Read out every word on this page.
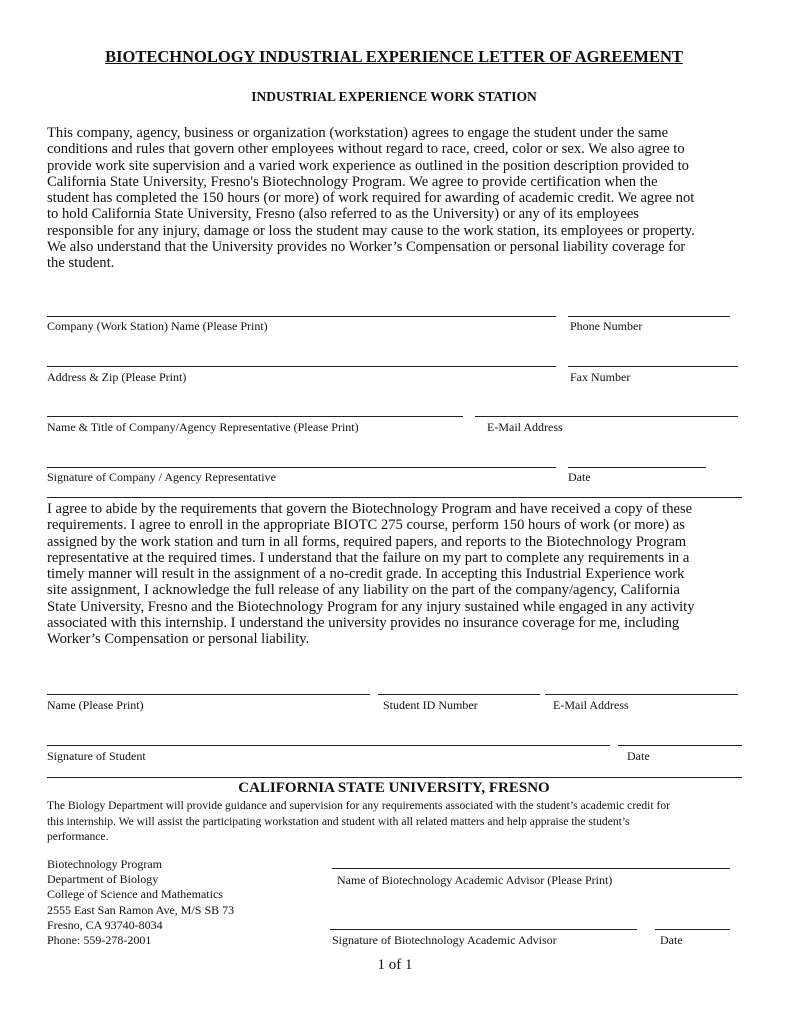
BIOTECHNOLOGY INDUSTRIAL EXPERIENCE LETTER OF AGREEMENT
INDUSTRIAL EXPERIENCE WORK STATION
This company, agency, business or organization (workstation) agrees to engage the student under the same
conditions and rules that govern other employees without regard to race, creed, color or sex. We also agree to
provide work site supervision and a varied work experience as outlined in the position description provided to
California State University, Fresno's Biotechnology Program. We agree to provide certification when the
student has completed the 150 hours (or more) of work required for awarding of academic credit. We agree not
to hold California State University, Fresno (also referred to as the University) or any of its employees
responsible for any injury, damage or loss the student may cause to the work station, its employees or property.
We also understand that the University provides no Worker’s Compensation or personal liability coverage for
the student.
Company (Work Station) Name (Please Print)	Phone Number
Address & Zip (Please Print)	Fax Number
Name & Title of Company/Agency Representative (Please Print)	E-Mail Address
Signature of Company / Agency Representative	Date
I agree to abide by the requirements that govern the Biotechnology Program and have received a copy of these
requirements. I agree to enroll in the appropriate BIOTC 275 course, perform 150 hours of work (or more) as
assigned by the work station and turn in all forms, required papers, and reports to the Biotechnology Program
representative at the required times. I understand that the failure on my part to complete any requirements in a
timely manner will result in the assignment of a no-credit grade. In accepting this Industrial Experience work
site assignment, I acknowledge the full release of any liability on the part of the company/agency, California
State University, Fresno and the Biotechnology Program for any injury sustained while engaged in any activity
associated with this internship. I understand the university provides no insurance coverage for me, including
Worker’s Compensation or personal liability.
Name (Please Print)	Student ID Number	E-Mail Address
Signature of Student	Date
CALIFORNIA STATE UNIVERSITY, FRESNO
The Biology Department will provide guidance and supervision for any requirements associated with the student’s academic credit for
this internship. We will assist the participating workstation and student with all related matters and help appraise the student’s
performance.
Biotechnology Program
Department of Biology
College of Science and Mathematics
2555 East San Ramon Ave, M/S SB 73
Fresno, CA 93740-8034
Phone: 559-278-2001
Name of Biotechnology Academic Advisor (Please Print)
Signature of Biotechnology Academic Advisor	Date
1 of 1
